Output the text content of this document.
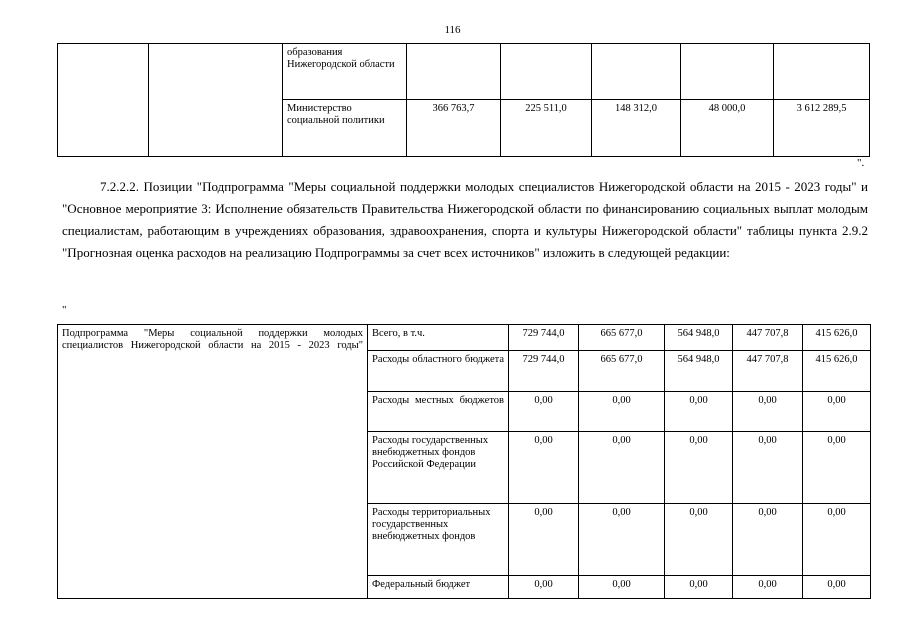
116
		образования Нижегородской области					
		Министерство социальной политики	366 763,7	225 511,0	148 312,0	48 000,0	3 612 289,5
".
7.2.2.2. Позиции "Подпрограмма "Меры социальной поддержки молодых специалистов Нижегородской области на 2015 - 2023 годы" и "Основное мероприятие 3: Исполнение обязательств Правительства Нижегородской области по финансированию социальных выплат молодым специалистам, работающим в учреждениях образования, здравоохранения, спорта и культуры Нижегородской области" таблицы пункта 2.9.2 "Прогнозная оценка расходов на реализацию Подпрограммы за счет всех источников" изложить в следующей редакции:
"
Подпрограмма "Меры социальной поддержки молодых специалистов Нижегородской области на 2015 - 2023 годы"	Всего, в т.ч.	729 744,0	665 677,0	564 948,0	447 707,8	415 626,0
	Расходы областного бюджета	729 744,0	665 677,0	564 948,0	447 707,8	415 626,0
	Расходы местных бюджетов	0,00	0,00	0,00	0,00	0,00
	Расходы государственных внебюджетных фондов Российской Федерации	0,00	0,00	0,00	0,00	0,00
	Расходы территориальных государственных внебюджетных фондов	0,00	0,00	0,00	0,00	0,00
	Федеральный бюджет	0,00	0,00	0,00	0,00	0,00
